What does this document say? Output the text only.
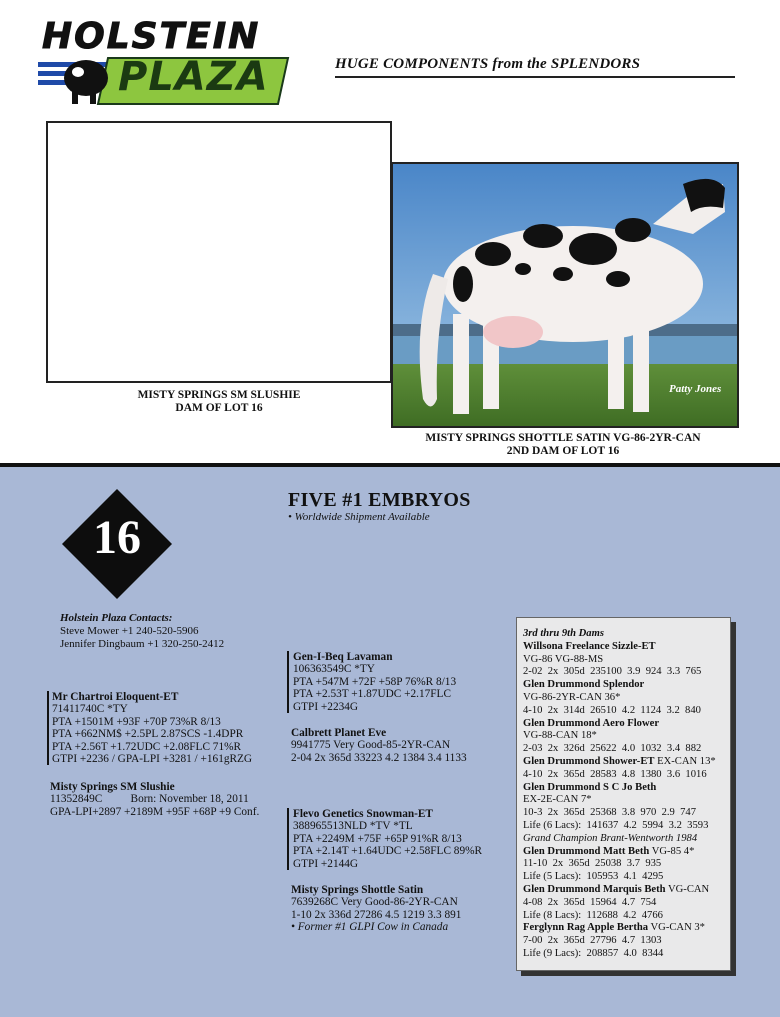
HOLSTEIN
PLAZA	HUGE COMPONENTS from the SPLENDORS
MISTY SPRINGS SM SLUSHIE
DAM OF LOT 16
Patty Jones
MISTY SPRINGS SHOTTLE SATIN VG-86-2YR-CAN
2ND DAM OF LOT 16
16
FIVE #1 EMBRYOS
• Worldwide Shipment Available
Holstein Plaza Contacts:
Steve Mower +1 240-520-5906
Jennifer Dingbaum +1 320-250-2412
Mr Chartroi Eloquent-ET
71411740C *TY
PTA +1501M +93F +70P 73%R 8/13
PTA +662NM$ +2.5PL 2.87SCS -1.4DPR
PTA +2.56T +1.72UDC +2.08FLC 71%R
GTPI +2236 / GPA-LPI +3281 / +161gRZG
Misty Springs SM Slushie
11352849C          Born: November 18, 2011
GPA-LPI+2897 +2189M +95F +68P +9 Conf.
Gen-I-Beq Lavaman
106363549C *TY
PTA +547M +72F +58P 76%R 8/13
PTA +2.53T +1.87UDC +2.17FLC
GTPI +2234G
Calbrett Planet Eve
9941775 Very Good-85-2YR-CAN
2-04 2x 365d 33223 4.2 1384 3.4 1133
Flevo Genetics Snowman-ET
388965513NLD *TV *TL
PTA +2249M +75F +65P 91%R 8/13
PTA +2.14T +1.64UDC +2.58FLC 89%R
GTPI +2144G
Misty Springs Shottle Satin
7639268C Very Good-86-2YR-CAN
1-10 2x 336d 27286 4.5 1219 3.3 891
• Former #1 GLPI Cow in Canada
3rd thru 9th Dams
Willsona Freelance Sizzle-ET
VG-86 VG-88-MS
2-02  2x  305d  235100  3.9  924  3.3  765
Glen Drummond Splendor
VG-86-2YR-CAN 36*
4-10  2x  314d  26510  4.2  1124  3.2  840
Glen Drummond Aero Flower
VG-88-CAN 18*
2-03  2x  326d  25622  4.0  1032  3.4  882
Glen Drummond Shower-ET EX-CAN 13*
4-10  2x  365d  28583  4.8  1380  3.6  1016
Glen Drummond S C Jo Beth
EX-2E-CAN 7*
10-3  2x  365d  25368  3.8  970  2.9  747
Life (6 Lacs):  141637  4.2  5994  3.2  3593
Grand Champion Brant-Wentworth 1984
Glen Drummond Matt Beth VG-85 4*
11-10  2x  365d  25038  3.7  935
Life (5 Lacs):  105953  4.1  4295
Glen Drummond Marquis Beth VG-CAN
4-08  2x  365d  15964  4.7  754
Life (8 Lacs):  112688  4.2  4766
Ferglynn Rag Apple Bertha VG-CAN 3*
7-00  2x  365d  27796  4.7  1303
Life (9 Lacs):  208857  4.0  8344
